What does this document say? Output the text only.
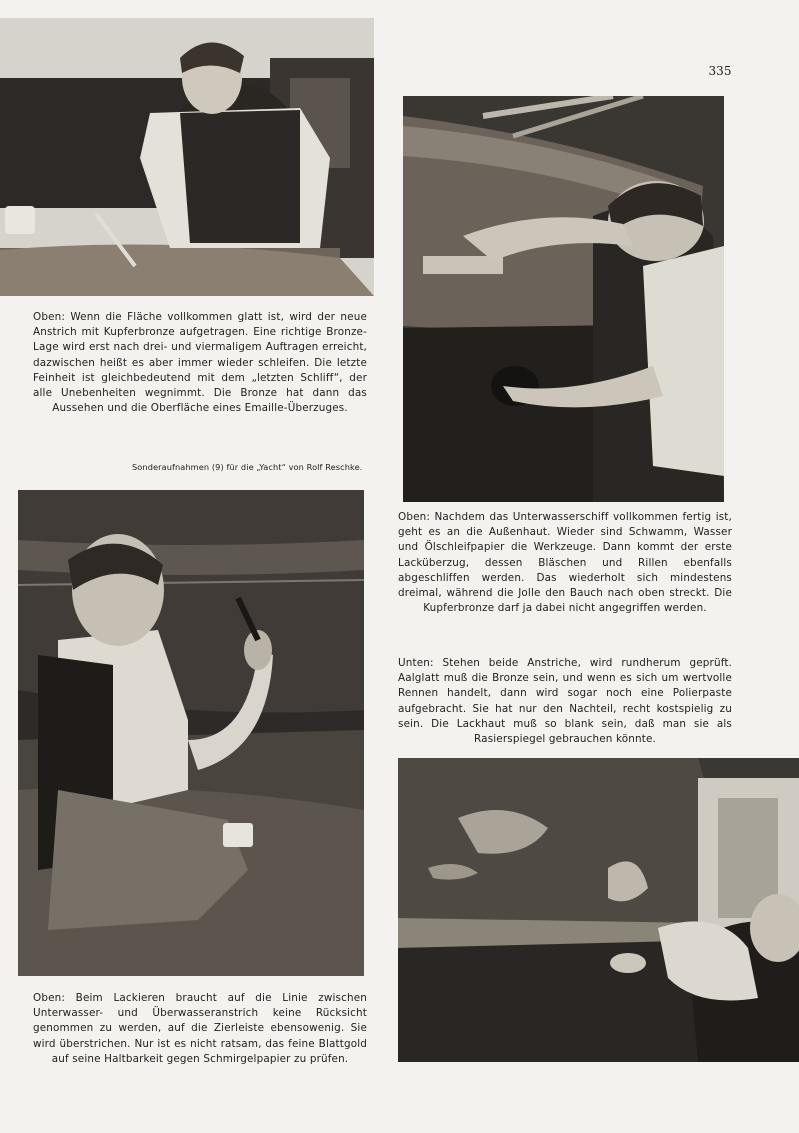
335
Oben: Wenn die Fläche vollkommen glatt ist, wird der neue Anstrich mit Kupferbronze aufgetragen. Eine richtige Bronze-Lage wird erst nach drei- und viermaligem Auftragen erreicht, dazwischen heißt es aber immer wieder schleifen. Die letzte Feinheit ist gleichbedeutend mit dem „letzten Schliff“, der alle Unebenheiten wegnimmt. Die Bronze hat dann das Aussehen und die Oberfläche eines Emaille-Überzuges.
Sonderaufnahmen (9) für die „Yacht“ von Rolf Reschke.
Oben: Nachdem das Unterwasserschiff vollkommen fertig ist, geht es an die Außenhaut. Wieder sind Schwamm, Wasser und Ölschleifpapier die Werkzeuge. Dann kommt der erste Lacküberzug, dessen Bläschen und Rillen ebenfalls abgeschliffen werden. Das wiederholt sich mindestens dreimal, während die Jolle den Bauch nach oben streckt. Die Kupferbronze darf ja dabei nicht angegriffen werden.
Unten: Stehen beide Anstriche, wird rundherum geprüft. Aalglatt muß die Bronze sein, und wenn es sich um wertvolle Rennen handelt, dann wird sogar noch eine Polierpaste aufgebracht. Sie hat nur den Nachteil, recht kostspielig zu sein. Die Lackhaut muß so blank sein, daß man sie als Rasierspiegel gebrauchen könnte.
Oben: Beim Lackieren braucht auf die Linie zwischen Unterwasser- und Überwasseranstrich keine Rücksicht genommen zu werden, auf die Zierleiste ebensowenig. Sie wird überstrichen. Nur ist es nicht ratsam, das feine Blattgold auf seine Haltbarkeit gegen Schmirgelpapier zu prüfen.
